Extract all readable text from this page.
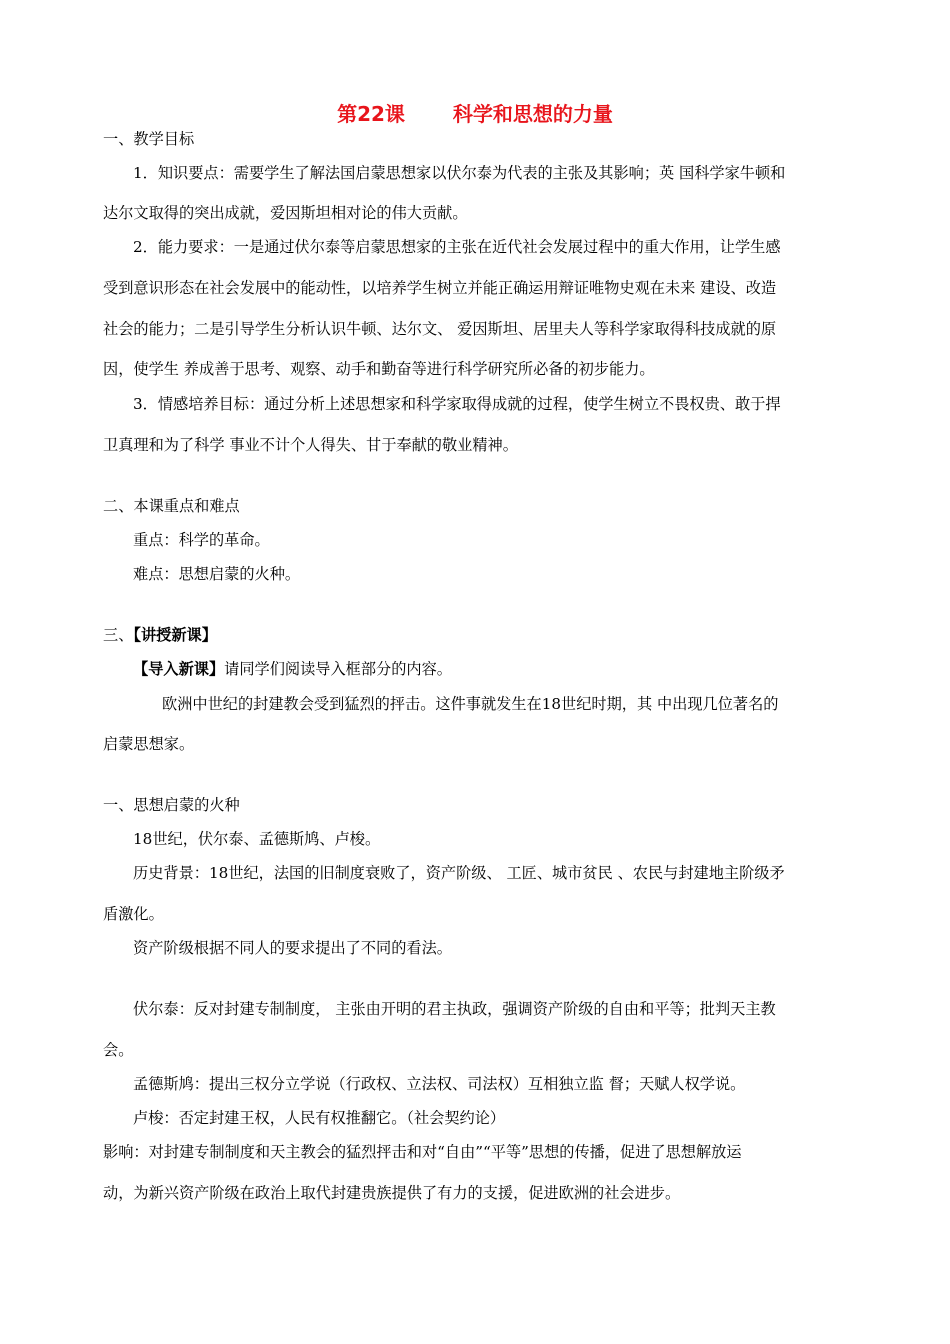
第22课 科学和思想的力量
一、教学目标
1．知识要点：需要学生了解法国启蒙思想家以伏尔泰为代表的主张及其影响；英 国科学家牛顿和
达尔文取得的突出成就，爱因斯坦相对论的伟大贡献。
2．能力要求：一是通过伏尔泰等启蒙思想家的主张在近代社会发展过程中的重大作用，让学生感
受到意识形态在社会发展中的能动性，以培养学生树立并能正确运用辩证唯物史观在未来 建设、改造
社会的能力；二是引导学生分析认识牛顿、达尔文、 爱因斯坦、居里夫人等科学家取得科技成就的原
因，使学生 养成善于思考、观察、动手和勤奋等进行科学研究所必备的初步能力。
3．情感培养目标：通过分析上述思想家和科学家取得成就的过程，使学生树立不畏权贵、敢于捍
卫真理和为了科学 事业不计个人得失、甘于奉献的敬业精神。
二、本课重点和难点
重点：科学的革命。
难点：思想启蒙的火种。
三、【讲授新课】
【导入新课】请同学们阅读导入框部分的内容。
欧洲中世纪的封建教会受到猛烈的抨击。这件事就发生在18世纪时期，其 中出现几位著名的
启蒙思想家。
一、思想启蒙的火种
18世纪，伏尔泰、孟德斯鸠、卢梭。
历史背景：18世纪，法国的旧制度衰败了，资产阶级、 工匠、城市贫民 、农民与封建地主阶级矛
盾激化。
资产阶级根据不同人的要求提出了不同的看法。
伏尔泰：反对封建专制制度， 主张由开明的君主执政，强调资产阶级的自由和平等；批判天主教
会。
孟德斯鸠：提出三权分立学说（行政权、立法权、司法权）互相独立监 督；天赋人权学说。
卢梭：否定封建王权，人民有权推翻它。（社会契约论）
影响：对封建专制制度和天主教会的猛烈抨击和对“自由”“平等”思想的传播，促进了思想解放运
动，为新兴资产阶级在政治上取代封建贵族提供了有力的支援，促进欧洲的社会进步。
